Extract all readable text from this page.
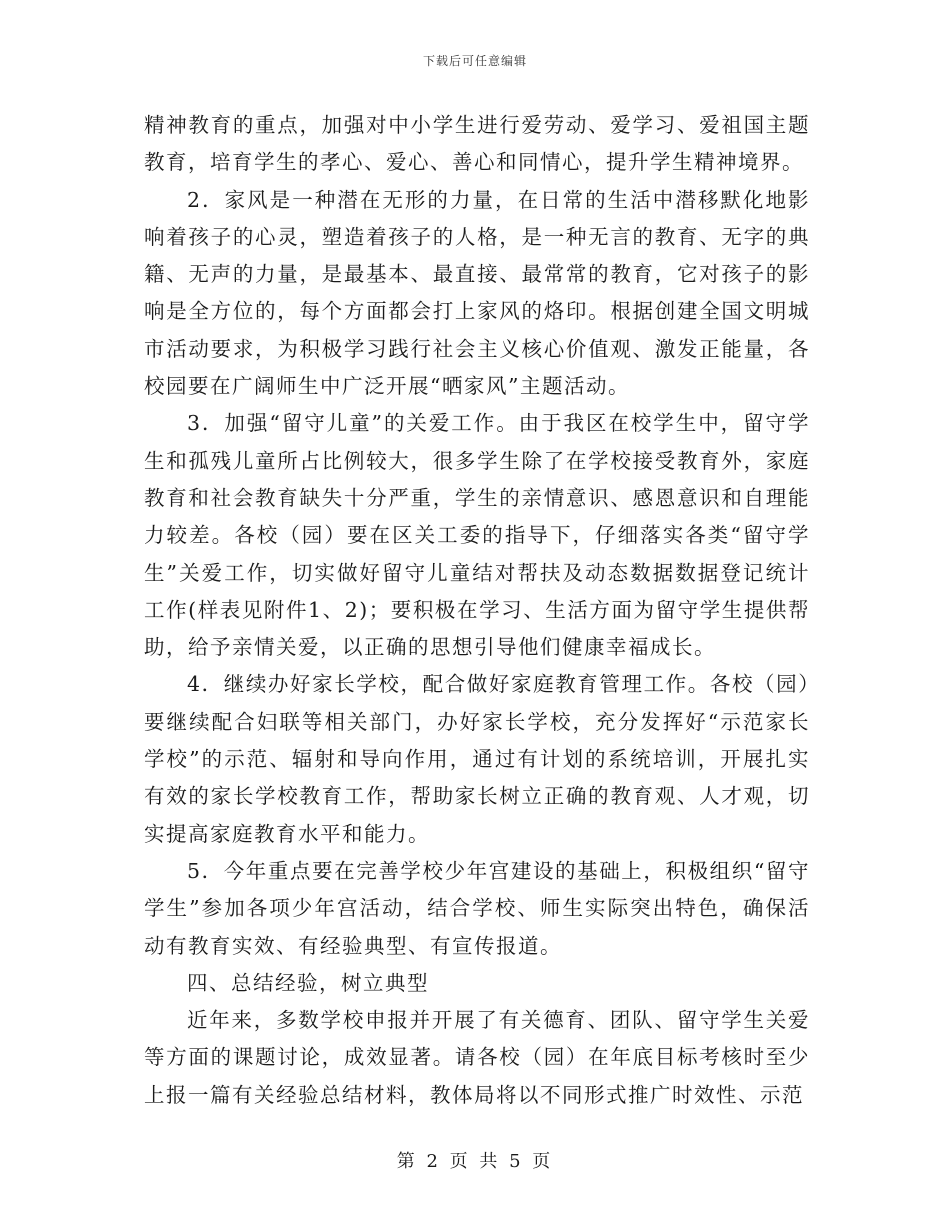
下载后可任意编辑

精神教育的重点，加强对中小学生进行爱劳动、爱学习、爱祖国主题教育，培育学生的孝心、爱心、善心和同情心，提升学生精神境界。

2．家风是一种潜在无形的力量，在日常的生活中潜移默化地影响着孩子的心灵，塑造着孩子的人格，是一种无言的教育、无字的典籍、无声的力量，是最基本、最直接、最常常的教育，它对孩子的影响是全方位的，每个方面都会打上家风的烙印。根据创建全国文明城市活动要求，为积极学习践行社会主义核心价值观、激发正能量，各校园要在广阔师生中广泛开展“晒家风”主题活动。

3．加强“留守儿童”的关爱工作。由于我区在校学生中，留守学生和孤残儿童所占比例较大，很多学生除了在学校接受教育外，家庭教育和社会教育缺失十分严重，学生的亲情意识、感恩意识和自理能力较差。各校（园）要在区关工委的指导下，仔细落实各类“留守学生”关爱工作，切实做好留守儿童结对帮扶及动态数据数据登记统计工作(样表见附件1、2)；要积极在学习、生活方面为留守学生提供帮助，给予亲情关爱，以正确的思想引导他们健康幸福成长。

4．继续办好家长学校，配合做好家庭教育管理工作。各校（园）要继续配合妇联等相关部门，办好家长学校，充分发挥好“示范家长学校”的示范、辐射和导向作用，通过有计划的系统培训，开展扎实有效的家长学校教育工作，帮助家长树立正确的教育观、人才观，切实提高家庭教育水平和能力。

5．今年重点要在完善学校少年宫建设的基础上，积极组织“留守学生”参加各项少年宫活动，结合学校、师生实际突出特色，确保活动有教育实效、有经验典型、有宣传报道。

四、总结经验，树立典型

近年来，多数学校申报并开展了有关德育、团队、留守学生关爱等方面的课题讨论，成效显著。请各校（园）在年底目标考核时至少上报一篇有关经验总结材料，教体局将以不同形式推广时效性、示范

第 2 页 共 5 页
